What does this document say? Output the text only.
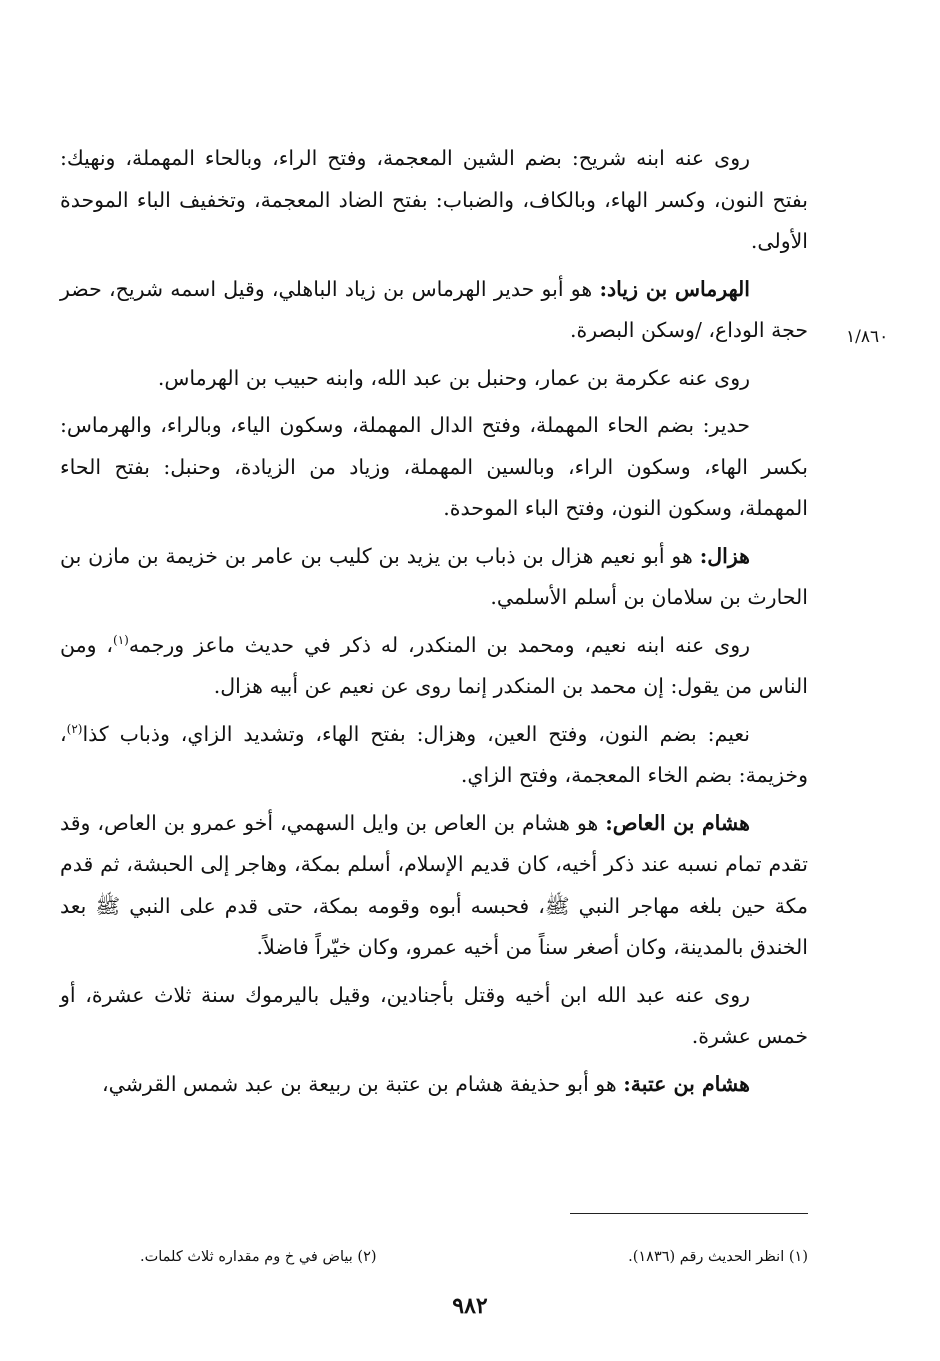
١/٨٦٠

روى عنه ابنه شريح: بضم الشين المعجمة، وفتح الراء، وبالحاء المهملة، ونهيك: بفتح النون، وكسر الهاء، وبالكاف، والضباب: بفتح الضاد المعجمة، وتخفيف الباء الموحدة الأولى.

الهرماس بن زياد: هو أبو حدير الهرماس بن زياد الباهلي، وقيل اسمه شريح، حضر حجة الوداع، /وسكن البصرة.

روى عنه عكرمة بن عمار، وحنبل بن عبد الله، وابنه حبيب بن الهرماس.

حدير: بضم الحاء المهملة، وفتح الدال المهملة، وسكون الياء، وبالراء، والهرماس: بكسر الهاء، وسكون الراء، وبالسين المهملة، وزياد من الزيادة، وحنبل: بفتح الحاء المهملة، وسكون النون، وفتح الباء الموحدة.

هزال: هو أبو نعيم هزال بن ذباب بن يزيد بن كليب بن عامر بن خزيمة بن مازن بن الحارث بن سلامان بن أسلم الأسلمي.

روى عنه ابنه نعيم، ومحمد بن المنكدر، له ذكر في حديث ماعز ورجمه$^{(١)}$، ومن الناس من يقول: إن محمد بن المنكدر إنما روى عن نعيم عن أبيه هزال.

نعيم: بضم النون، وفتح العين، وهزال: بفتح الهاء، وتشديد الزاي، وذباب كذا$^{(٢)}$، وخزيمة: بضم الخاء المعجمة، وفتح الزاي.

هشام بن العاص: هو هشام بن العاص بن وايل السهمي، أخو عمرو بن العاص، وقد تقدم تمام نسبه عند ذكر أخيه، كان قديم الإسلام، أسلم بمكة، وهاجر إلى الحبشة، ثم قدم مكة حين بلغه مهاجر النبي ﷺ، فحبسه أبوه وقومه بمكة، حتى قدم على النبي ﷺ بعد الخندق بالمدينة، وكان أصغر سناً من أخيه عمرو، وكان خيّراً فاضلاً.

روى عنه عبد الله ابن أخيه وقتل بأجنادين، وقيل باليرموك سنة ثلاث عشرة، أو خمس عشرة.

هشام بن عتبة: هو أبو حذيفة هشام بن عتبة بن ربيعة بن عبد شمس القرشي،

(١) انظر الحديث رقم (١٨٣٦).
(٢) بياض في خ وم مقداره ثلاث كلمات.
٩٨٢
